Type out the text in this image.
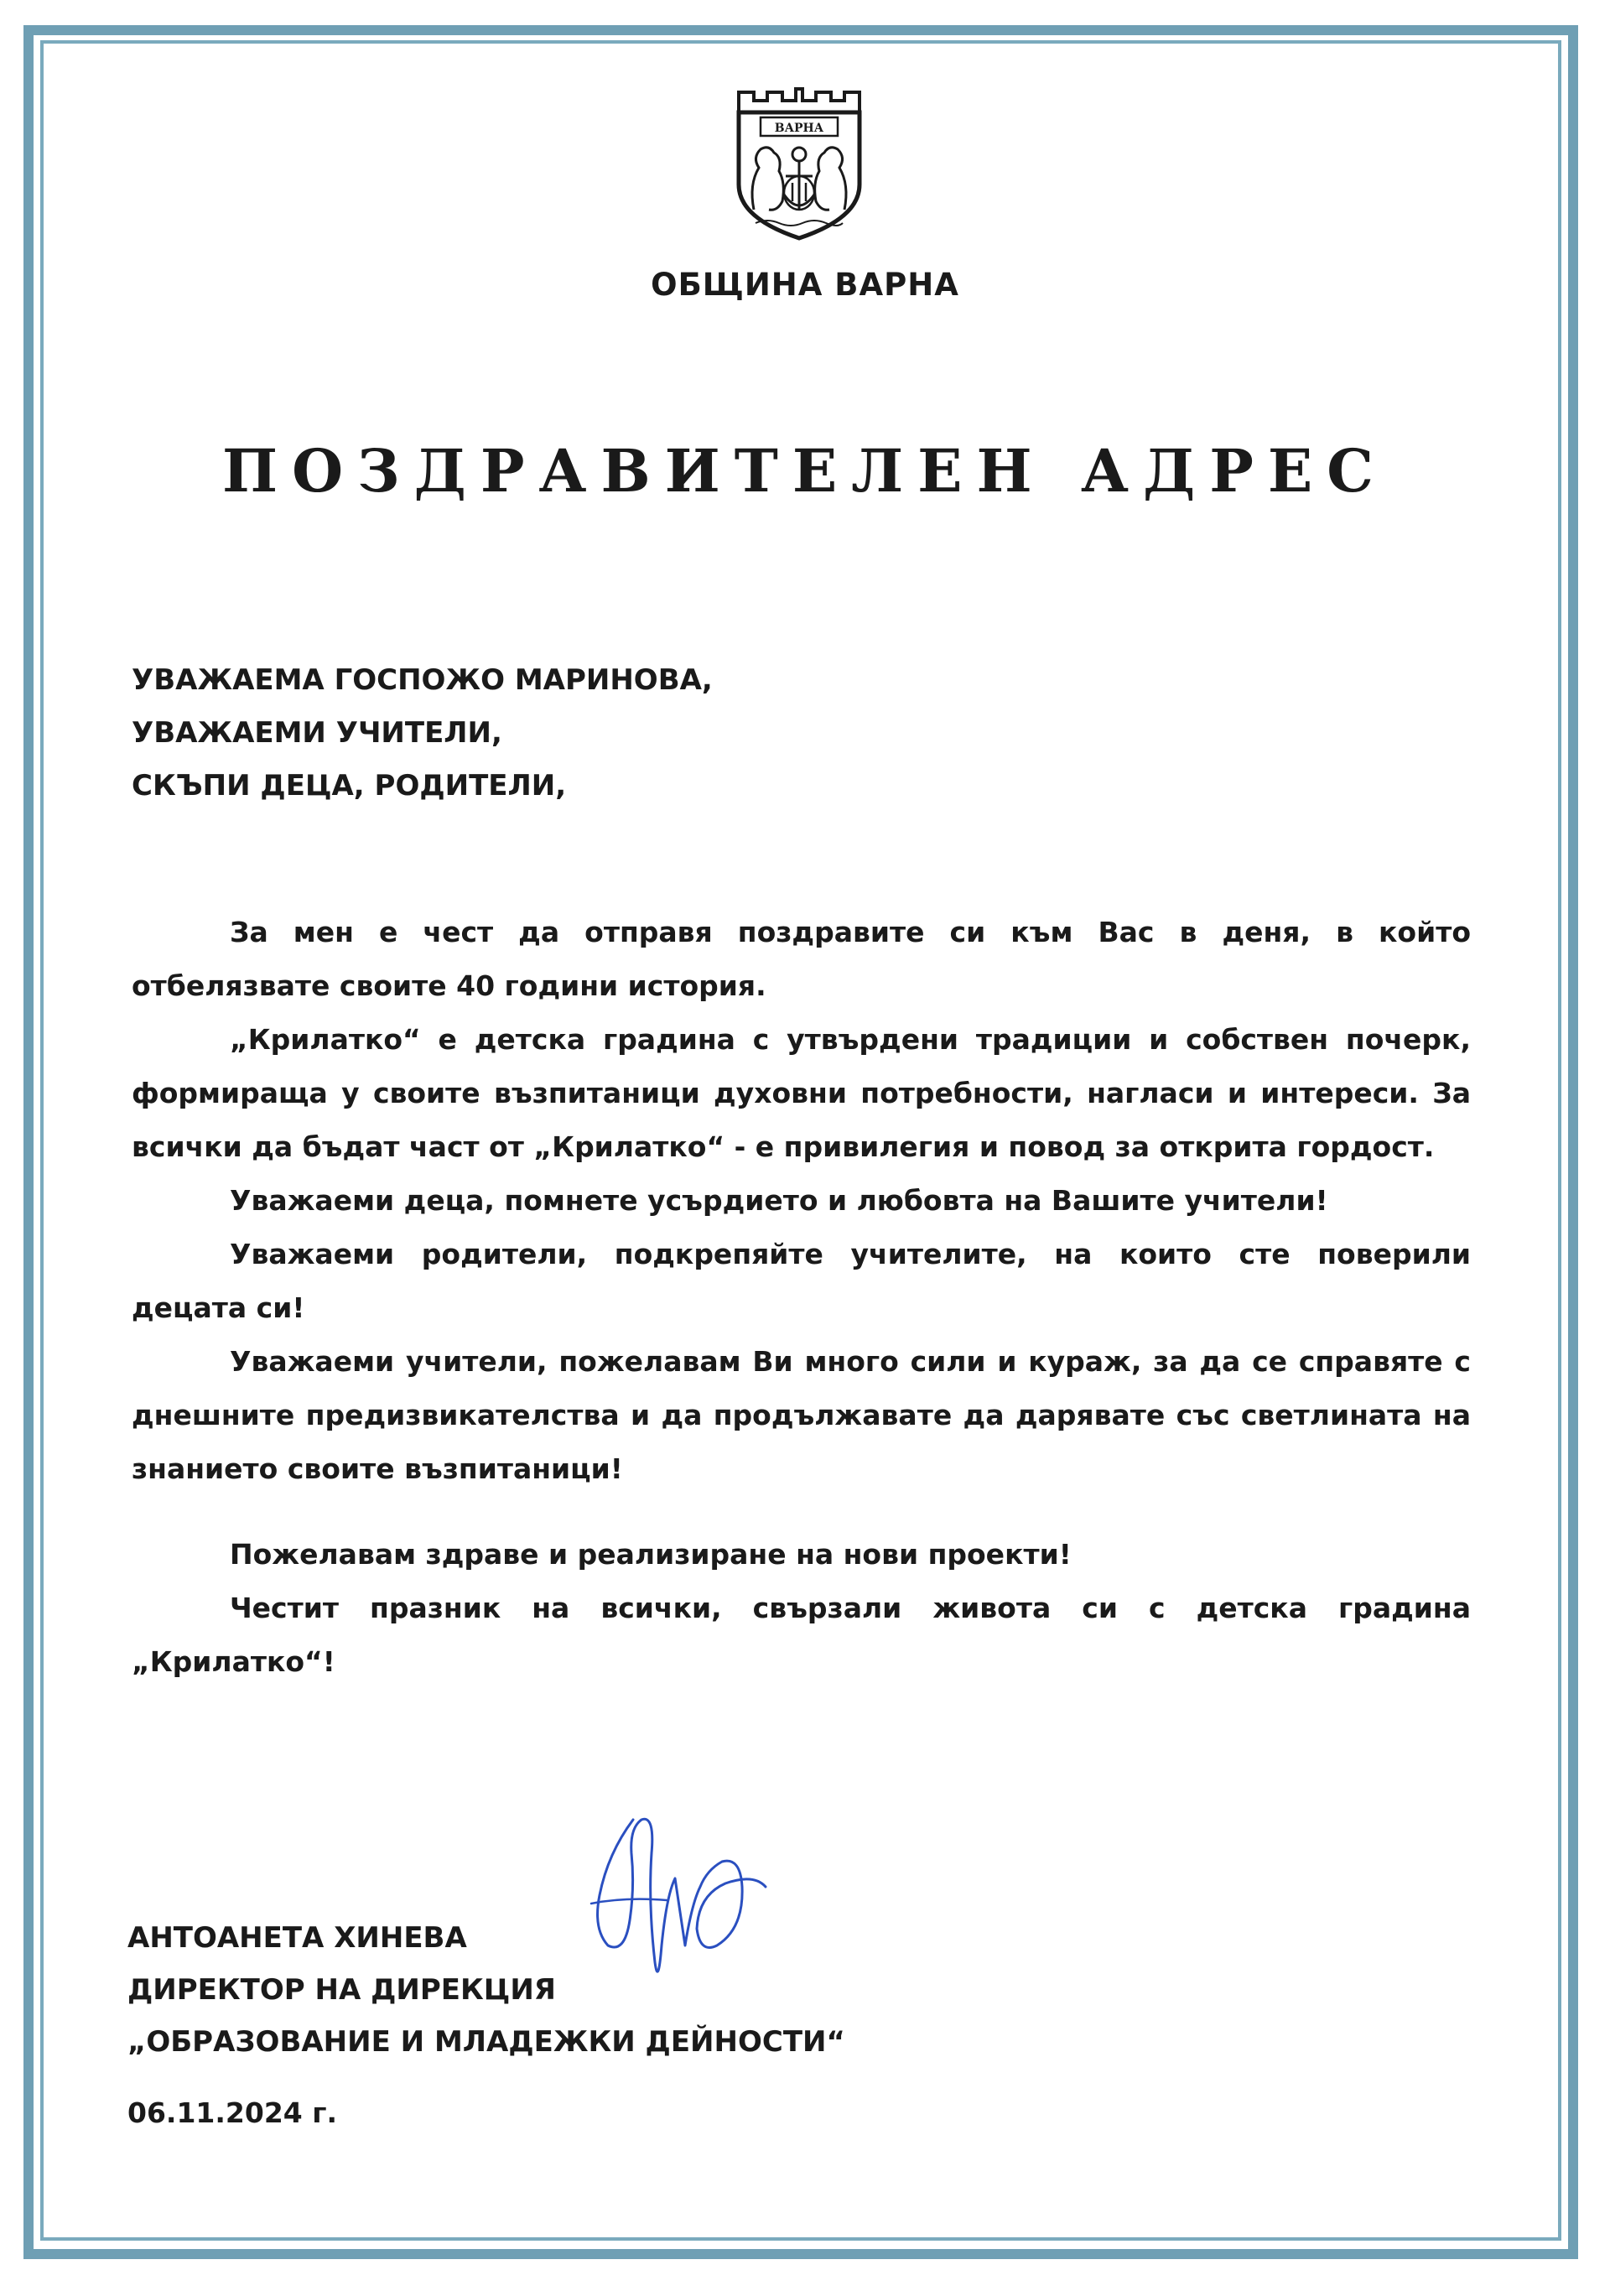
ВАРНА
ОБЩИНА ВАРНА
ПОЗДРАВИТЕЛЕН АДРЕС
УВАЖАЕМА ГОСПОЖО МАРИНОВА,
УВАЖАЕМИ УЧИТЕЛИ,
СКЪПИ ДЕЦА, РОДИТЕЛИ,

За мен е чест да отправя поздравите си към Вас в деня, в който отбелязвате своите 40 години история.

„Крилатко“ е детска градина с утвърдени традиции и собствен почерк, формираща у своите възпитаници духовни потребности, нагласи и интереси. За всички да бъдат част от „Крилатко“ - е привилегия и повод за открита гордост.

Уважаеми деца, помнете усърдието и любовта на Вашите учители!

Уважаеми родители, подкрепяйте учителите, на които сте поверили децата си!

Уважаеми учители, пожелавам Ви много сили и кураж, за да се справяте с днешните предизвикателства и да продължавате да дарявате със светлината на знанието своите възпитаници!

Пожелавам здраве и реализиране на нови проекти!

Честит празник на всички, свързали живота си с детска градина „Крилатко“!

АНТОАНЕТА ХИНЕВА
ДИРЕКТОР НА ДИРЕКЦИЯ
„ОБРАЗОВАНИЕ И МЛАДЕЖКИ ДЕЙНОСТИ“
06.11.2024 г.
